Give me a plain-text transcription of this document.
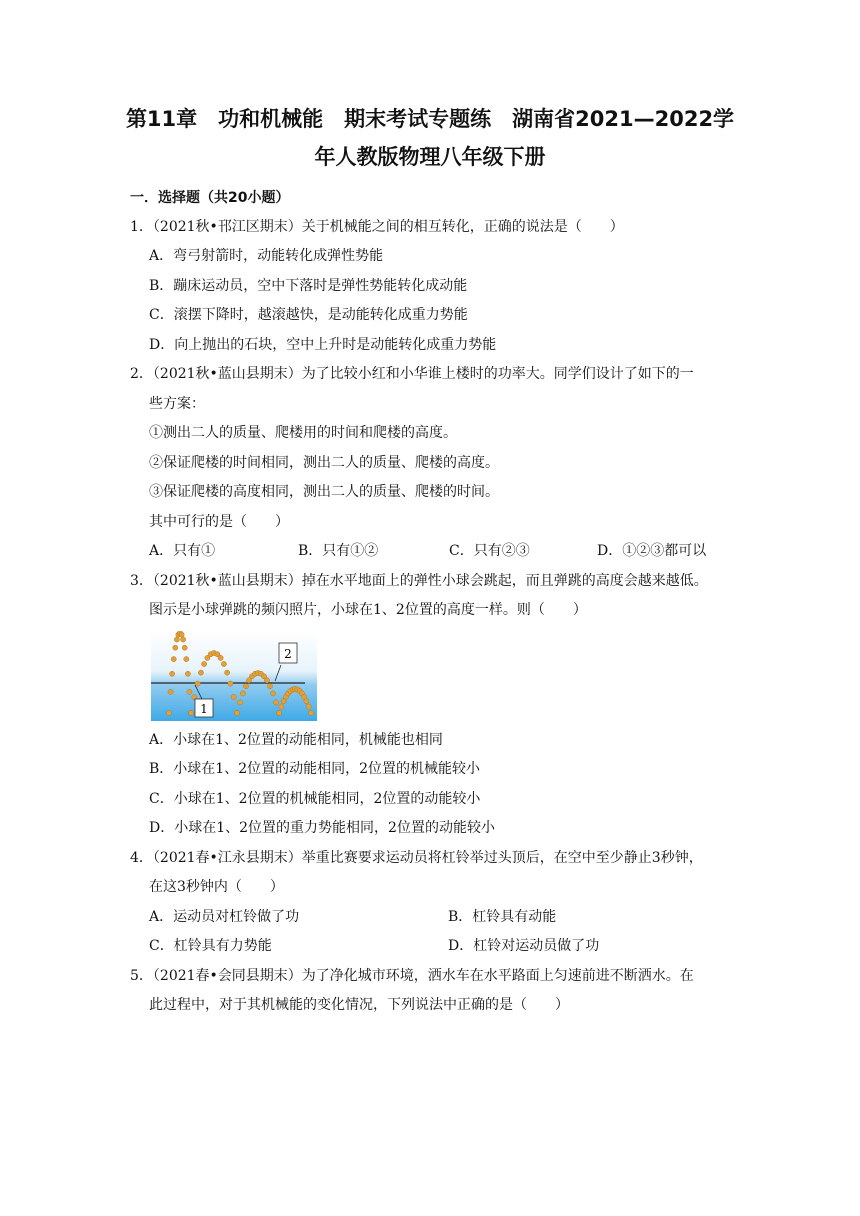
第11章　功和机械能　期末考试专题练　湖南省2021—2022学
年人教版物理八年级下册
一．选择题（共20小题）
1．（2021秋•邗江区期末）关于机械能之间的相互转化，正确的说法是（　　）
A．弯弓射箭时，动能转化成弹性势能
B．蹦床运动员，空中下落时是弹性势能转化成动能
C．滚摆下降时，越滚越快，是动能转化成重力势能
D．向上抛出的石块，空中上升时是动能转化成重力势能
2．（2021秋•蓝山县期末）为了比较小红和小华谁上楼时的功率大。同学们设计了如下的一
些方案：
①测出二人的质量、爬楼用的时间和爬楼的高度。
②保证爬楼的时间相同，测出二人的质量、爬楼的高度。
③保证爬楼的高度相同，测出二人的质量、爬楼的时间。
其中可行的是（　　）
A．只有①	B．只有①②	C．只有②③	D．①②③都可以
3．（2021秋•蓝山县期末）掉在水平地面上的弹性小球会跳起，而且弹跳的高度会越来越低。
图示是小球弹跳的频闪照片，小球在1、2位置的高度一样。则（　　）
1
2
A．小球在1、2位置的动能相同，机械能也相同
B．小球在1、2位置的动能相同，2位置的机械能较小
C．小球在1、2位置的机械能相同，2位置的动能较小
D．小球在1、2位置的重力势能相同，2位置的动能较小
4．（2021春•江永县期末）举重比赛要求运动员将杠铃举过头顶后，在空中至少静止3秒钟，
在这3秒钟内（　　）
A．运动员对杠铃做了功	B．杠铃具有动能
C．杠铃具有力势能	D．杠铃对运动员做了功
5．（2021春•会同县期末）为了净化城市环境，洒水车在水平路面上匀速前进不断洒水。在
此过程中，对于其机械能的变化情况，下列说法中正确的是（　　）
